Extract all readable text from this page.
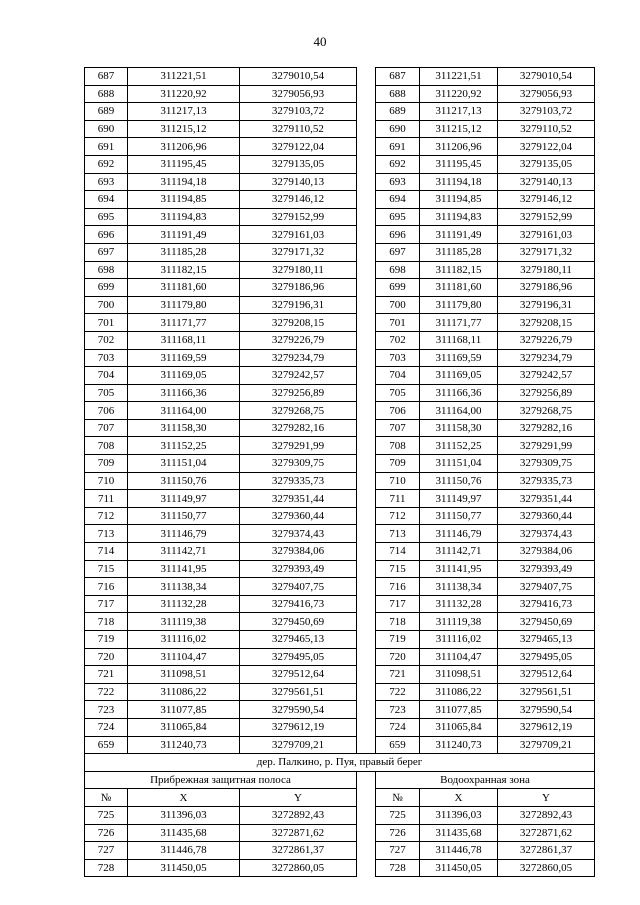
40
687	311221,51	3279010,54		687	311221,51	3279010,54
688	311220,92	3279056,93		688	311220,92	3279056,93
689	311217,13	3279103,72		689	311217,13	3279103,72
690	311215,12	3279110,52		690	311215,12	3279110,52
691	311206,96	3279122,04		691	311206,96	3279122,04
692	311195,45	3279135,05		692	311195,45	3279135,05
693	311194,18	3279140,13		693	311194,18	3279140,13
694	311194,85	3279146,12		694	311194,85	3279146,12
695	311194,83	3279152,99		695	311194,83	3279152,99
696	311191,49	3279161,03		696	311191,49	3279161,03
697	311185,28	3279171,32		697	311185,28	3279171,32
698	311182,15	3279180,11		698	311182,15	3279180,11
699	311181,60	3279186,96		699	311181,60	3279186,96
700	311179,80	3279196,31		700	311179,80	3279196,31
701	311171,77	3279208,15		701	311171,77	3279208,15
702	311168,11	3279226,79		702	311168,11	3279226,79
703	311169,59	3279234,79		703	311169,59	3279234,79
704	311169,05	3279242,57		704	311169,05	3279242,57
705	311166,36	3279256,89		705	311166,36	3279256,89
706	311164,00	3279268,75		706	311164,00	3279268,75
707	311158,30	3279282,16		707	311158,30	3279282,16
708	311152,25	3279291,99		708	311152,25	3279291,99
709	311151,04	3279309,75		709	311151,04	3279309,75
710	311150,76	3279335,73		710	311150,76	3279335,73
711	311149,97	3279351,44		711	311149,97	3279351,44
712	311150,77	3279360,44		712	311150,77	3279360,44
713	311146,79	3279374,43		713	311146,79	3279374,43
714	311142,71	3279384,06		714	311142,71	3279384,06
715	311141,95	3279393,49		715	311141,95	3279393,49
716	311138,34	3279407,75		716	311138,34	3279407,75
717	311132,28	3279416,73		717	311132,28	3279416,73
718	311119,38	3279450,69		718	311119,38	3279450,69
719	311116,02	3279465,13		719	311116,02	3279465,13
720	311104,47	3279495,05		720	311104,47	3279495,05
721	311098,51	3279512,64		721	311098,51	3279512,64
722	311086,22	3279561,51		722	311086,22	3279561,51
723	311077,85	3279590,54		723	311077,85	3279590,54
724	311065,84	3279612,19		724	311065,84	3279612,19
659	311240,73	3279709,21		659	311240,73	3279709,21
дер. Палкино, р. Пуя, правый берег						
Прибрежная защитная полоса				Водоохранная зона		
№	X	Y		№	X	Y
725	311396,03	3272892,43		725	311396,03	3272892,43
726	311435,68	3272871,62		726	311435,68	3272871,62
727	311446,78	3272861,37		727	311446,78	3272861,37
728	311450,05	3272860,05		728	311450,05	3272860,05
